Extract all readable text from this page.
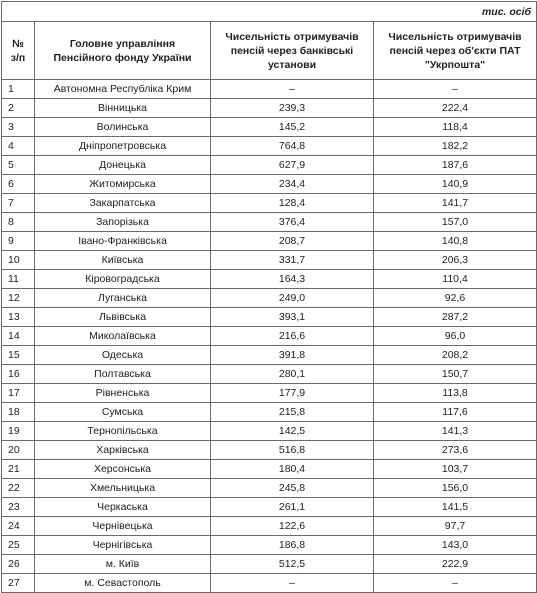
тис. осіб			
№ з/п	Головне управління Пенсійного фонду України	Чисельність отримувачів пенсій через банківські установи	Чисельність отримувачів пенсій через об'єкти ПАТ "Укрпошта"
1	Автономна Республіка Крим	–	–
2	Вінницька	239,3	222,4
3	Волинська	145,2	118,4
4	Дніпропетровська	764,8	182,2
5	Донецька	627,9	187,6
6	Житомирська	234,4	140,9
7	Закарпатська	128,4	141,7
8	Запорізька	376,4	157,0
9	Івано-Франківська	208,7	140,8
10	Київська	331,7	206,3
11	Кіровоградська	164,3	110,4
12	Луганська	249,0	92,6
13	Львівська	393,1	287,2
14	Миколаївська	216,6	96,0
15	Одеська	391,8	208,2
16	Полтавська	280,1	150,7
17	Рівненська	177,9	113,8
18	Сумська	215,8	117,6
19	Тернопільська	142,5	141,3
20	Харківська	516,8	273,6
21	Херсонська	180,4	103,7
22	Хмельницька	245,8	156,0
23	Черкаська	261,1	141,5
24	Чернівецька	122,6	97,7
25	Чернігівська	186,8	143,0
26	м. Київ	512,5	222,9
27	м. Севастополь	–	–
